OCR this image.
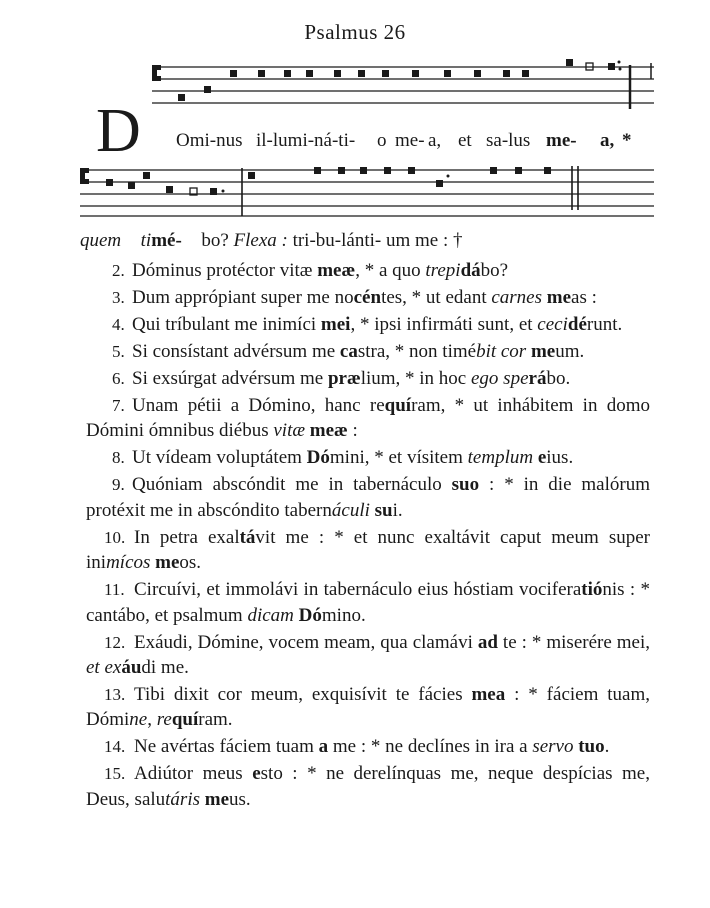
Psalmus 26
D Omi-nus il-lumi-ná-ti- o me- a, et sa-lus me- a, *
quem timé- bo? Flexa : tri-bu-lánti- um me : †
2. Dóminus protéctor vitæ meæ, * a quo trepidábo?
3. Dum apprópiant super me nocéntes, * ut edant carnes meas :
4. Qui tríbulant me inimíci mei, * ipsi infirmáti sunt, et cecidérunt.
5. Si consístant advérsum me castra, * non timébit cor meum.
6. Si exsúrgat advérsum me prælium, * in hoc ego sperábo.
7. Unam pétii a Dómino, hanc requíram, * ut inhábitem in domo Dómini ómnibus diébus vitæ meæ :
8. Ut vídeam voluptátem Dómini, * et vísitem templum eius.
9. Quóniam abscóndit me in tabernáculo suo : * in die malórum protéxit me in abscóndito tabernáculi sui.
10. In petra exaltávit me : * et nunc exaltávit caput meum super inimícos meos.
11. Circuívi, et immolávi in tabernáculo eius hóstiam vociferatiónis : * cantábo, et psalmum dicam Dómino.
12. Exáudi, Dómine, vocem meam, qua clamávi ad te : * miserére mei, et exáudi me.
13. Tibi dixit cor meum, exquisívit te fácies mea : * fáciem tuam, Dómine, requíram.
14. Ne avértas fáciem tuam a me : * ne declínes in ira a servo tuo.
15. Adiútor meus esto : * ne derelínquas me, neque despícias me, Deus, salutáris meus.
